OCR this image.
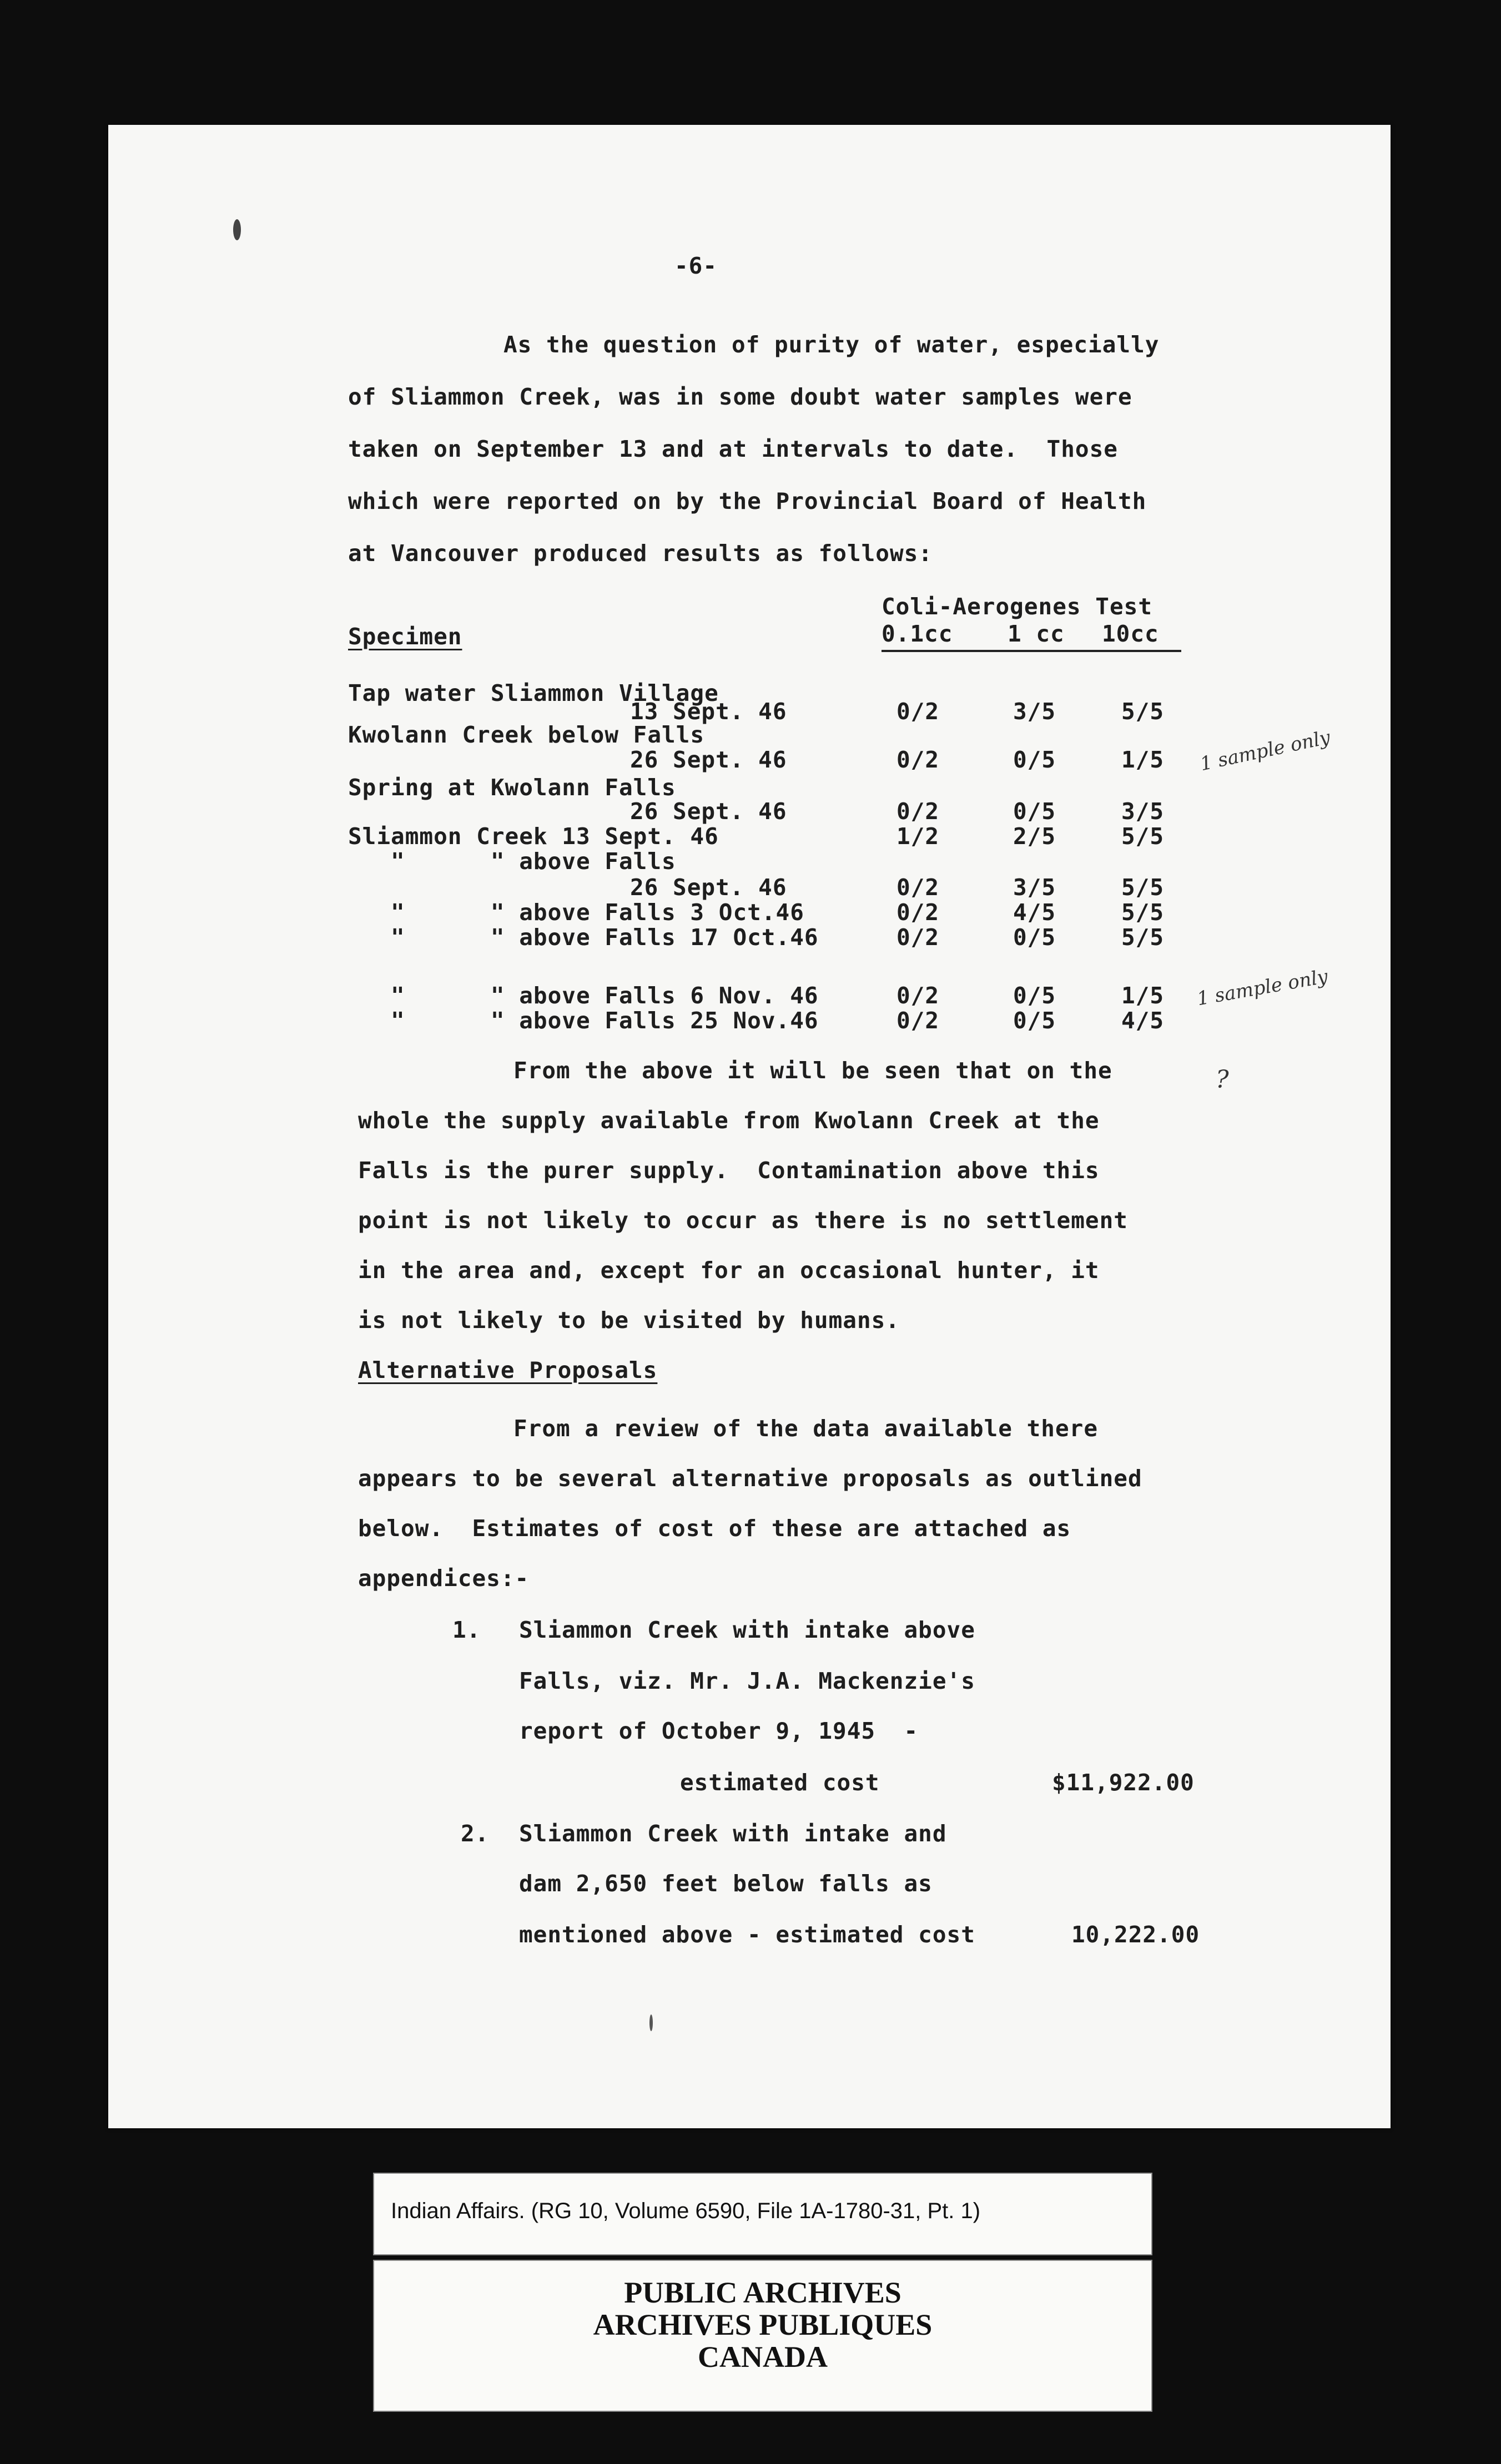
-6-
As the question of purity of water, especially
of Sliammon Creek, was in some doubt water samples were
taken on September 13 and at intervals to date.  Those
which were reported on by the Provincial Board of Health
at Vancouver produced results as follows:
Coli-Aerogenes Test
Specimen	0.1cc 1 cc 10cc
Tap water Sliammon Village
13 Sept. 46	0/2	3/5	5/5
Kwolann Creek below Falls
26 Sept. 46	0/2	0/5	1/5
Spring at Kwolann Falls
26 Sept. 46	0/2	0/5	3/5
Sliammon Creek 13 Sept. 46	1/2	2/5	5/5
"      " above Falls
26 Sept. 46	0/2	3/5	5/5
"      " above Falls 3 Oct.46	0/2	4/5	5/5
"      " above Falls 17 Oct.46	0/2	0/5	5/5
"      " above Falls 6 Nov. 46	0/2	0/5	1/5
"      " above Falls 25 Nov.46	0/2	0/5	4/5
1 sample only
1 sample only
?
From the above it will be seen that on the
whole the supply available from Kwolann Creek at the
Falls is the purer supply.  Contamination above this
point is not likely to occur as there is no settlement
in the area and, except for an occasional hunter, it
is not likely to be visited by humans.
Alternative Proposals
From a review of the data available there
appears to be several alternative proposals as outlined
below.  Estimates of cost of these are attached as
appendices:-
1. Sliammon Creek with intake above
Falls, viz. Mr. J.A. Mackenzie's
report of October 9, 1945  -
estimated cost	$11,922.00
2. Sliammon Creek with intake and
dam 2,650 feet below falls as
mentioned above - estimated cost	10,222.00
Indian Affairs. (RG 10, Volume 6590, File 1A-1780-31, Pt. 1)
PUBLIC ARCHIVES
ARCHIVES PUBLIQUES
CANADA
